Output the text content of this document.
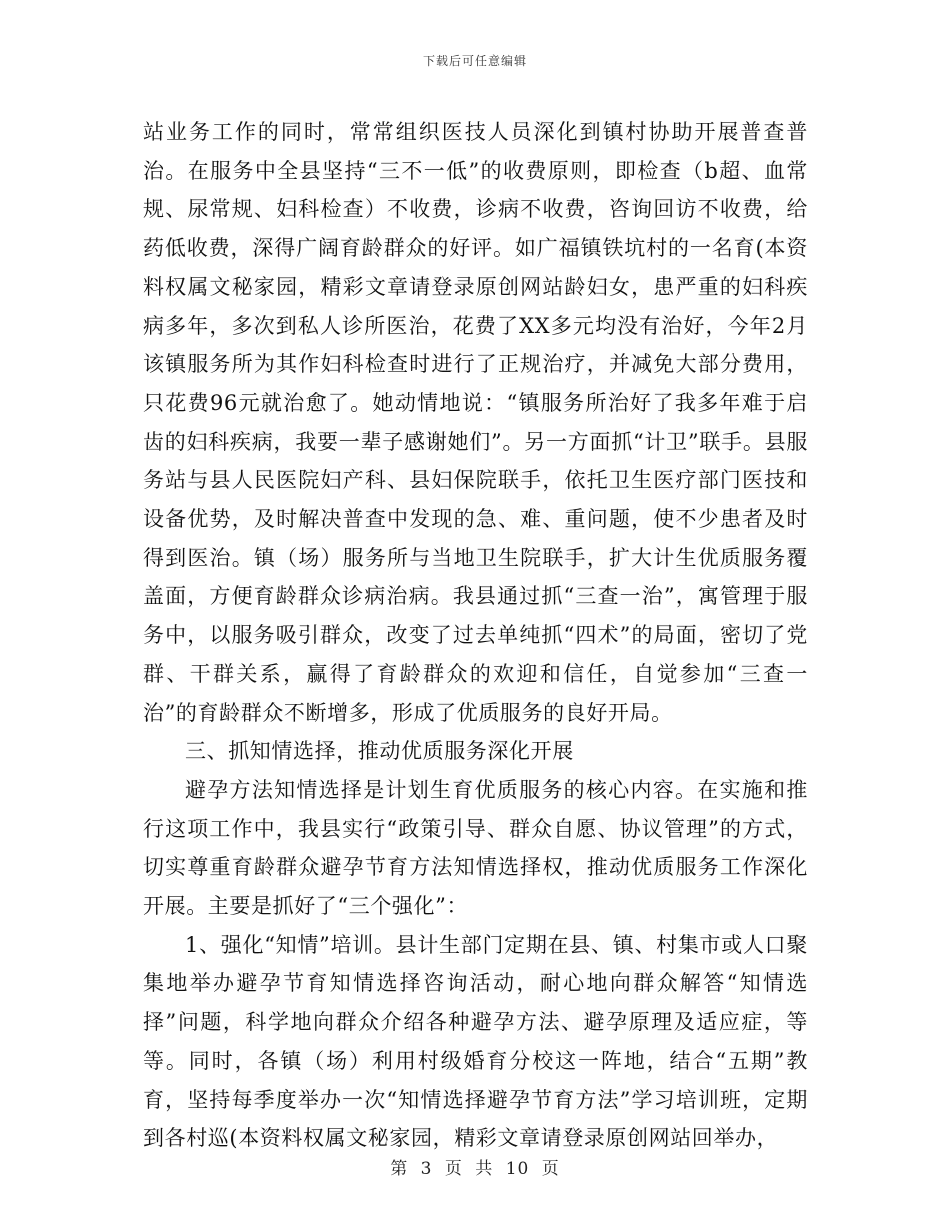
下载后可任意编辑

站业务工作的同时，常常组织医技人员深化到镇村协助开展普查普治。在服务中全县坚持“三不一低”的收费原则，即检查（b超、血常规、尿常规、妇科检查）不收费，诊病不收费，咨询回访不收费，给药低收费，深得广阔育龄群众的好评。如广福镇铁坑村的一名育(本资料权属文秘家园，精彩文章请登录原创网站龄妇女，患严重的妇科疾病多年，多次到私人诊所医治，花费了XX多元均没有治好，今年2月该镇服务所为其作妇科检查时进行了正规治疗，并减免大部分费用，只花费96元就治愈了。她动情地说：“镇服务所治好了我多年难于启齿的妇科疾病，我要一辈子感谢她们”。另一方面抓“计卫”联手。县服务站与县人民医院妇产科、县妇保院联手，依托卫生医疗部门医技和设备优势，及时解决普查中发现的急、难、重问题，使不少患者及时得到医治。镇（场）服务所与当地卫生院联手，扩大计生优质服务覆盖面，方便育龄群众诊病治病。我县通过抓“三查一治”，寓管理于服务中，以服务吸引群众，改变了过去单纯抓“四术”的局面，密切了党群、干群关系，赢得了育龄群众的欢迎和信任，自觉参加“三查一治”的育龄群众不断增多，形成了优质服务的良好开局。

三、抓知情选择，推动优质服务深化开展

避孕方法知情选择是计划生育优质服务的核心内容。在实施和推行这项工作中，我县实行“政策引导、群众自愿、协议管理”的方式，切实尊重育龄群众避孕节育方法知情选择权，推动优质服务工作深化开展。主要是抓好了“三个强化”：

1、强化“知情”培训。县计生部门定期在县、镇、村集市或人口聚集地举办避孕节育知情选择咨询活动，耐心地向群众解答“知情选择”问题，科学地向群众介绍各种避孕方法、避孕原理及适应症，等等。同时，各镇（场）利用村级婚育分校这一阵地，结合“五期”教育，坚持每季度举办一次“知情选择避孕节育方法”学习培训班，定期到各村巡(本资料权属文秘家园，精彩文章请登录原创网站回举办，

第 3 页 共 10 页
